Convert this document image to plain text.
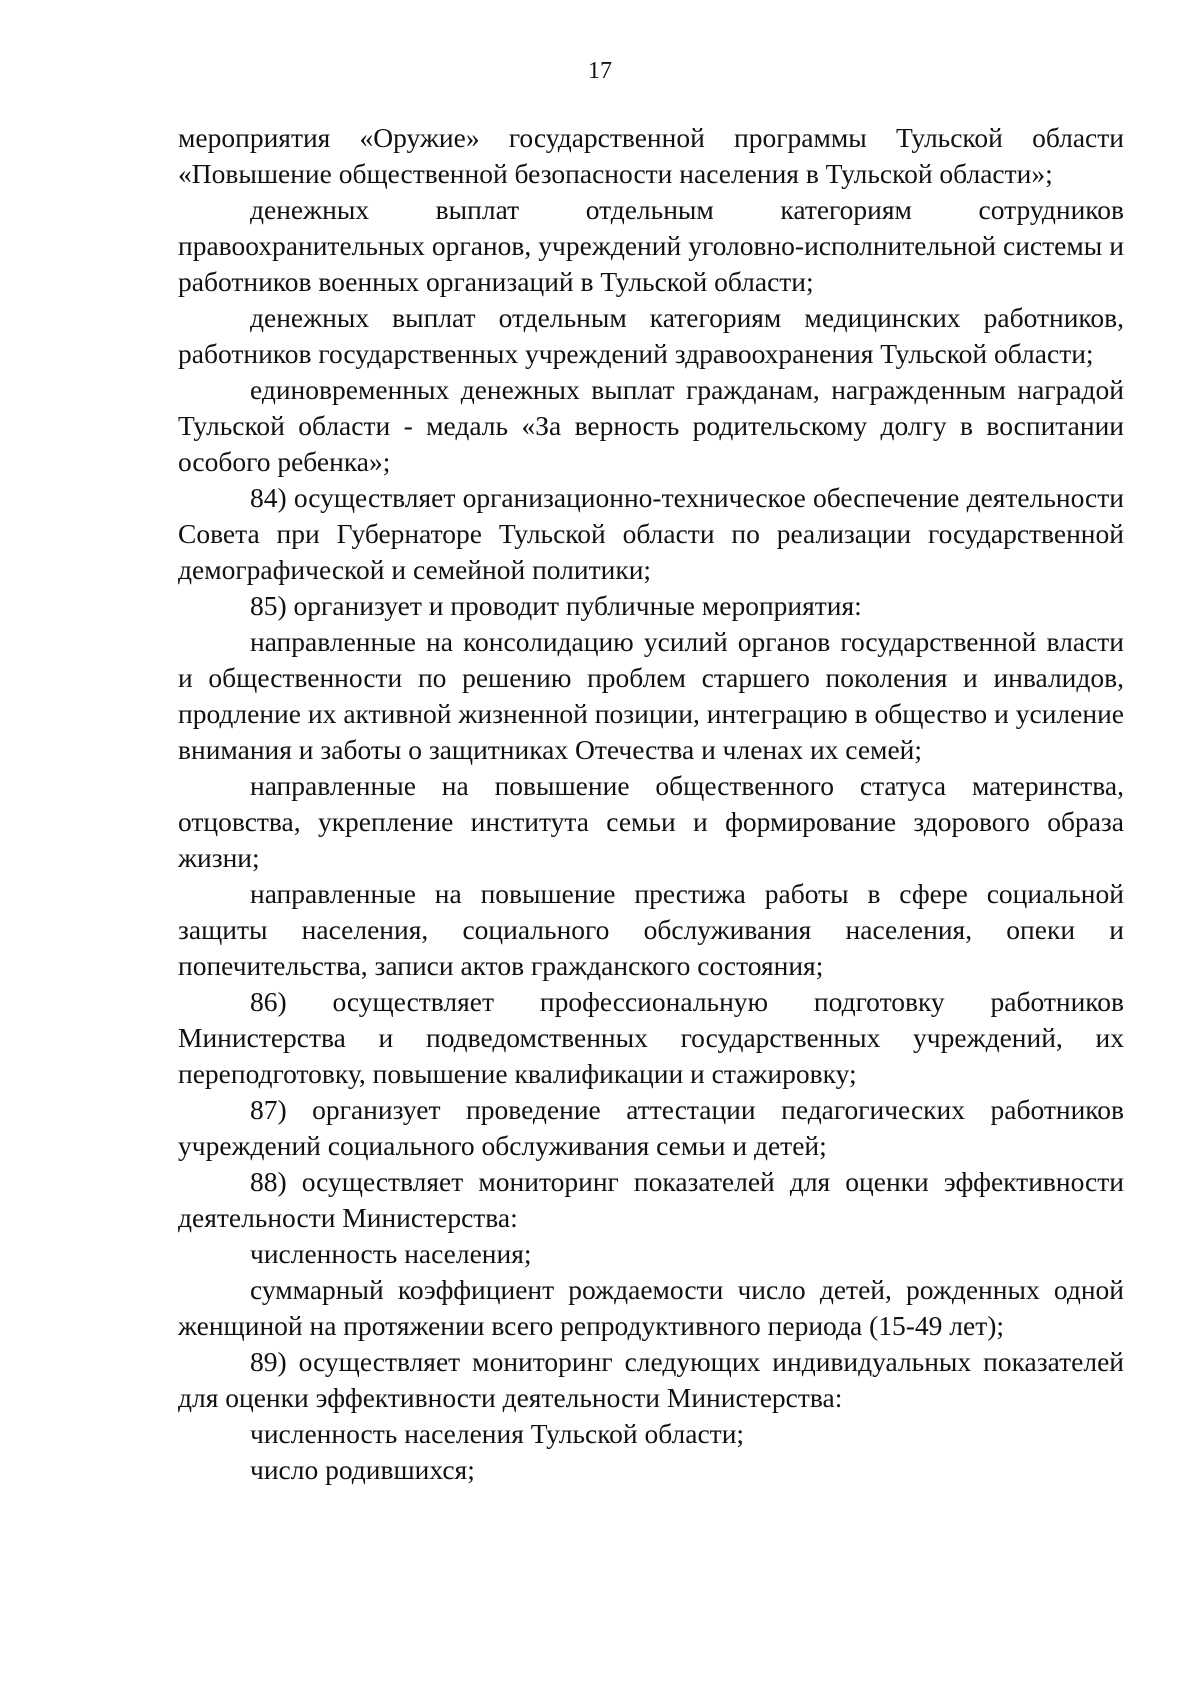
17

мероприятия «Оружие» государственной программы Тульской области «Повышение общественной безопасности населения в Тульской области»;

денежных выплат отдельным категориям сотрудников правоохранительных органов, учреждений уголовно-исполнительной системы и работников военных организаций в Тульской области;

денежных выплат отдельным категориям медицинских работников, работников государственных учреждений здравоохранения Тульской области;

единовременных денежных выплат гражданам, награжденным наградой Тульской области - медаль «За верность родительскому долгу в воспитании особого ребенка»;

84) осуществляет организационно-техническое обеспечение деятельности Совета при Губернаторе Тульской области по реализации государственной демографической и семейной политики;

85) организует и проводит публичные мероприятия:

направленные на консолидацию усилий органов государственной власти и общественности по решению проблем старшего поколения и инвалидов, продление их активной жизненной позиции, интеграцию в общество и усиление внимания и заботы о защитниках Отечества и членах их семей;

направленные на повышение общественного статуса материнства, отцовства, укрепление института семьи и формирование здорового образа жизни;

направленные на повышение престижа работы в сфере социальной защиты населения, социального обслуживания населения, опеки и попечительства, записи актов гражданского состояния;

86) осуществляет профессиональную подготовку работников Министерства и подведомственных государственных учреждений, их переподготовку, повышение квалификации и стажировку;

87) организует проведение аттестации педагогических работников учреждений социального обслуживания семьи и детей;

88) осуществляет мониторинг показателей для оценки эффективности деятельности Министерства:

численность населения;

суммарный коэффициент рождаемости число детей, рожденных одной женщиной на протяжении всего репродуктивного периода (15-49 лет);

89) осуществляет мониторинг следующих индивидуальных показателей для оценки эффективности деятельности Министерства:

численность населения Тульской области;

число родившихся;
